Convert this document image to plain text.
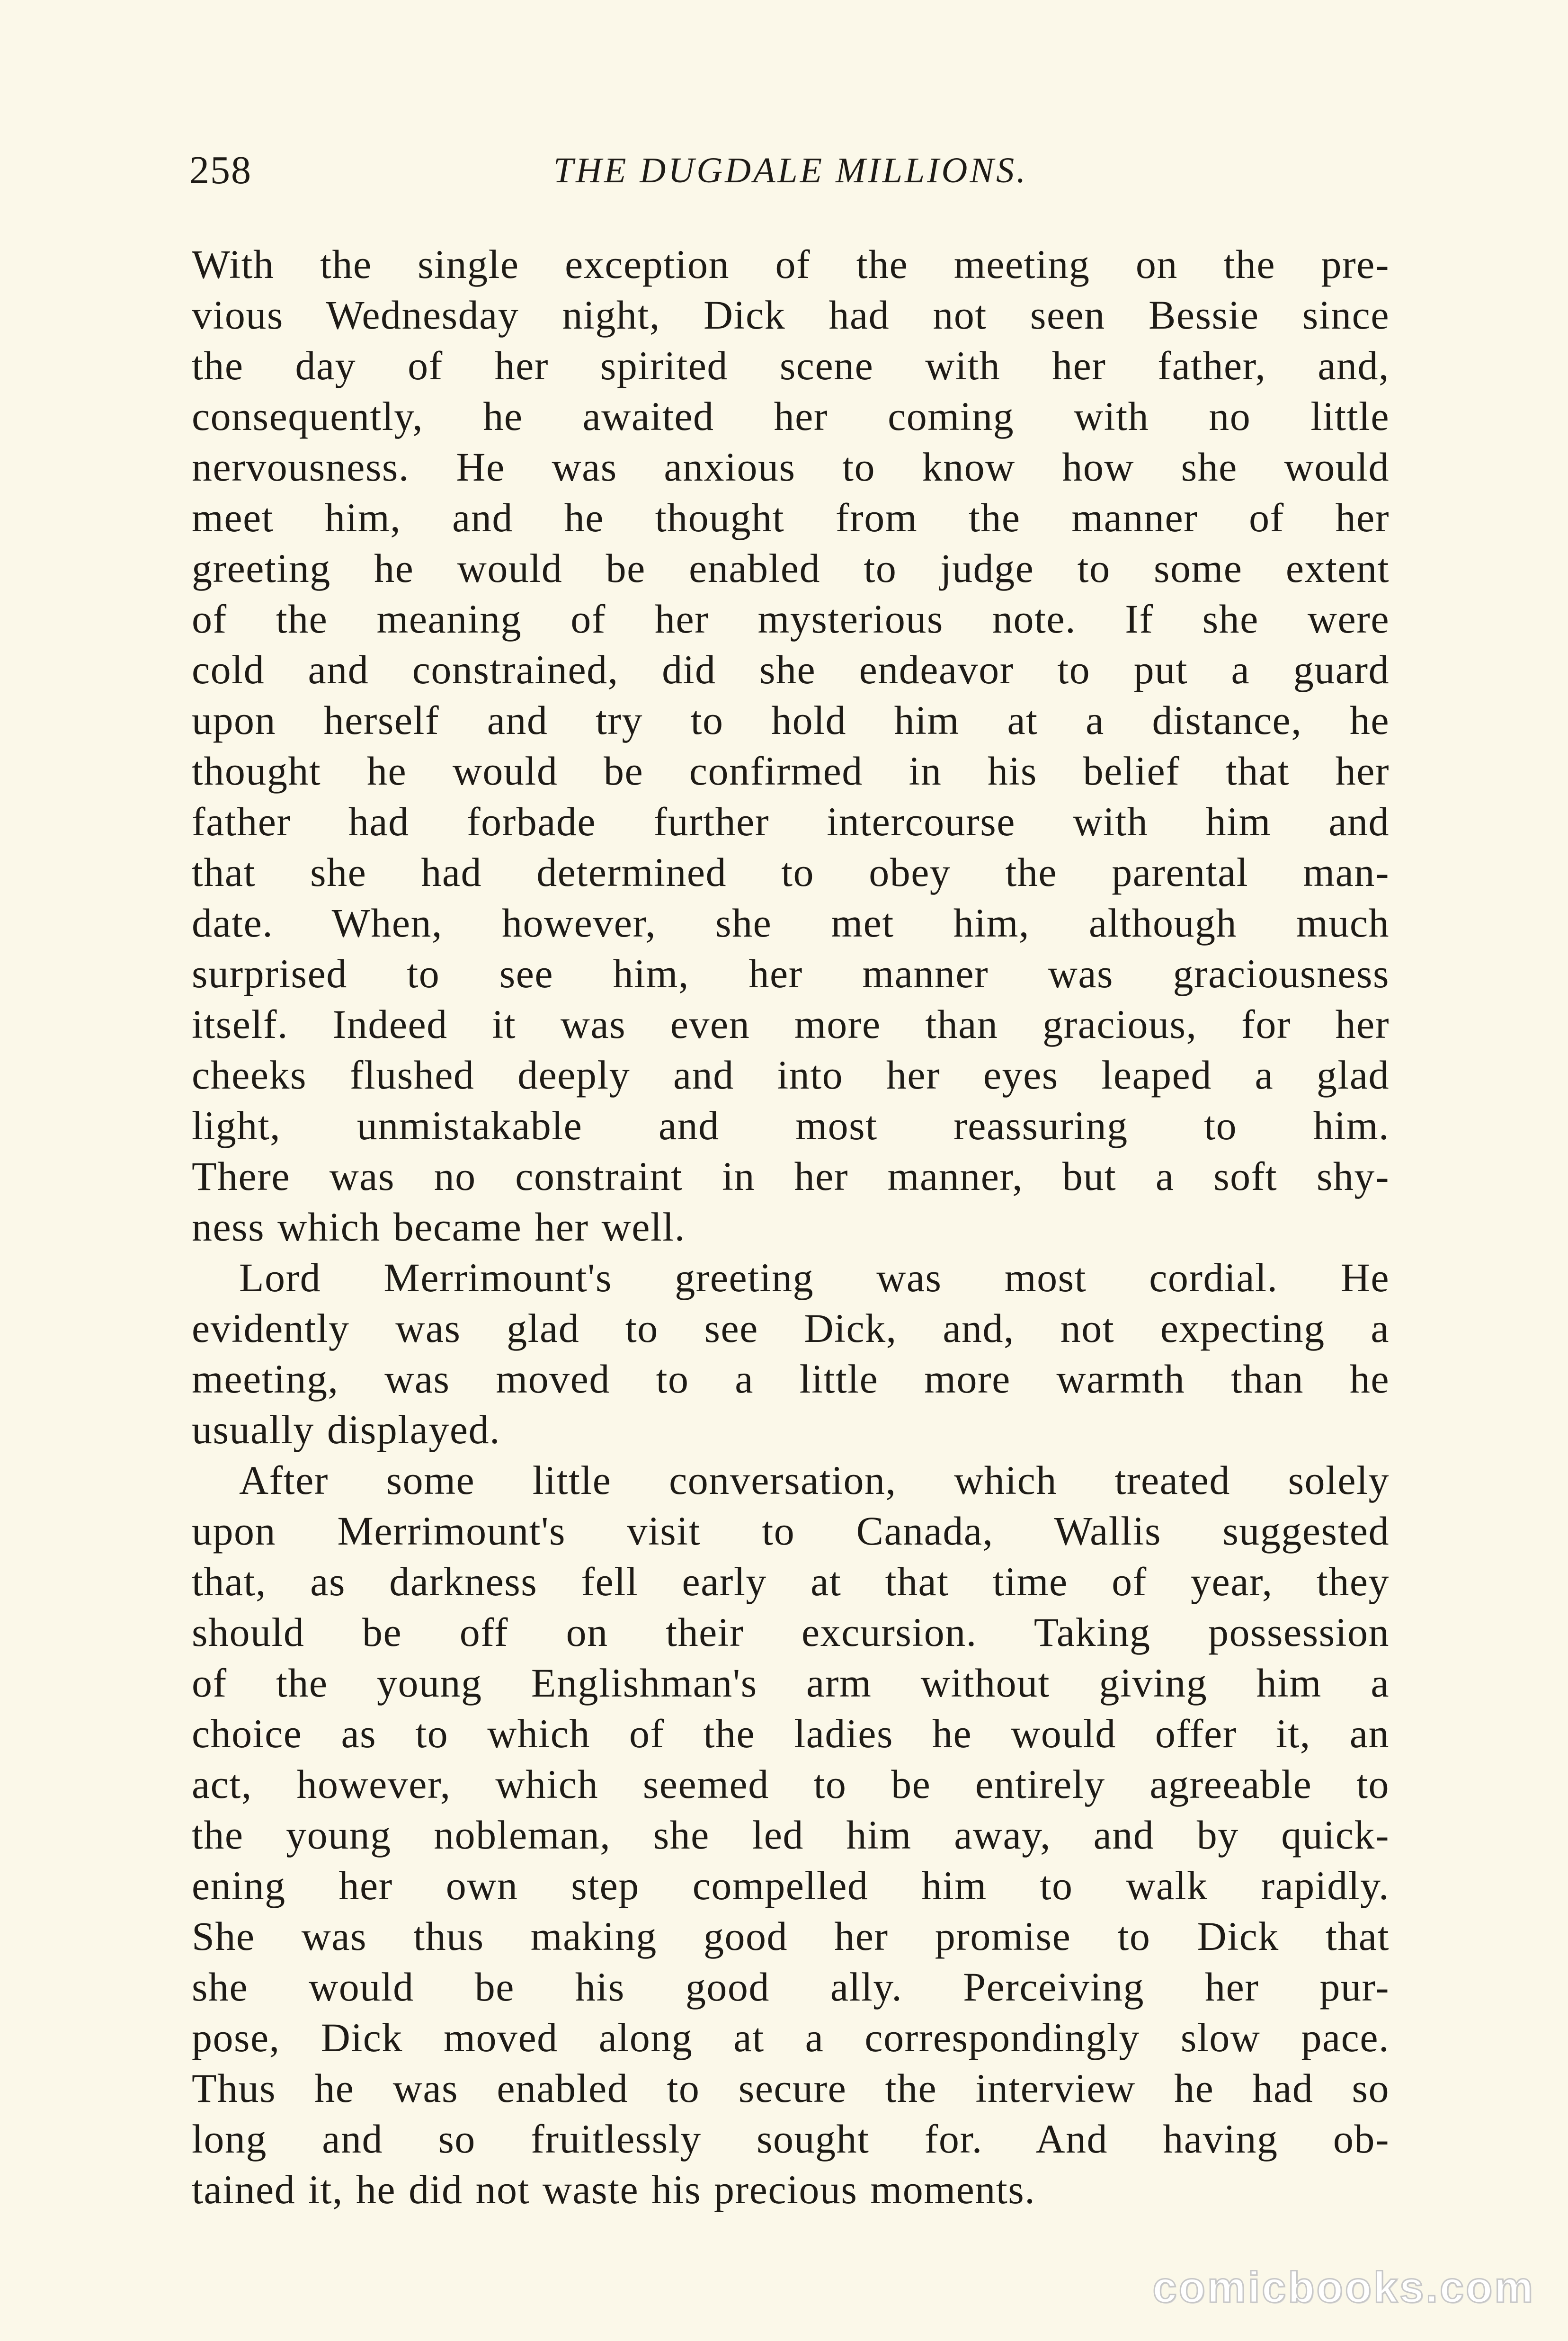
258	THE DUGDALE MILLIONS.

With the single exception of the meeting on the pre-
vious Wednesday night, Dick had not seen Bessie since
the day of her spirited scene with her father, and,
consequently, he awaited her coming with no little
nervousness. He was anxious to know how she would
meet him, and he thought from the manner of her
greeting he would be enabled to judge to some extent
of the meaning of her mysterious note. If she were
cold and constrained, did she endeavor to put a guard
upon herself and try to hold him at a distance, he
thought he would be confirmed in his belief that her
father had forbade further intercourse with him and
that she had determined to obey the parental man-
date. When, however, she met him, although much
surprised to see him, her manner was graciousness
itself. Indeed it was even more than gracious, for her
cheeks flushed deeply and into her eyes leaped a glad
light, unmistakable and most reassuring to him.
There was no constraint in her manner, but a soft shy-
ness which became her well.

Lord Merrimount's greeting was most cordial. He
evidently was glad to see Dick, and, not expecting a
meeting, was moved to a little more warmth than he
usually displayed.

After some little conversation, which treated solely
upon Merrimount's visit to Canada, Wallis suggested
that, as darkness fell early at that time of year, they
should be off on their excursion. Taking possession
of the young Englishman's arm without giving him a
choice as to which of the ladies he would offer it, an
act, however, which seemed to be entirely agreeable to
the young nobleman, she led him away, and by quick-
ening her own step compelled him to walk rapidly.
She was thus making good her promise to Dick that
she would be his good ally. Perceiving her pur-
pose, Dick moved along at a correspondingly slow pace.
Thus he was enabled to secure the interview he had so
long and so fruitlessly sought for. And having ob-
tained it, he did not waste his precious moments.

comicbooks.com
